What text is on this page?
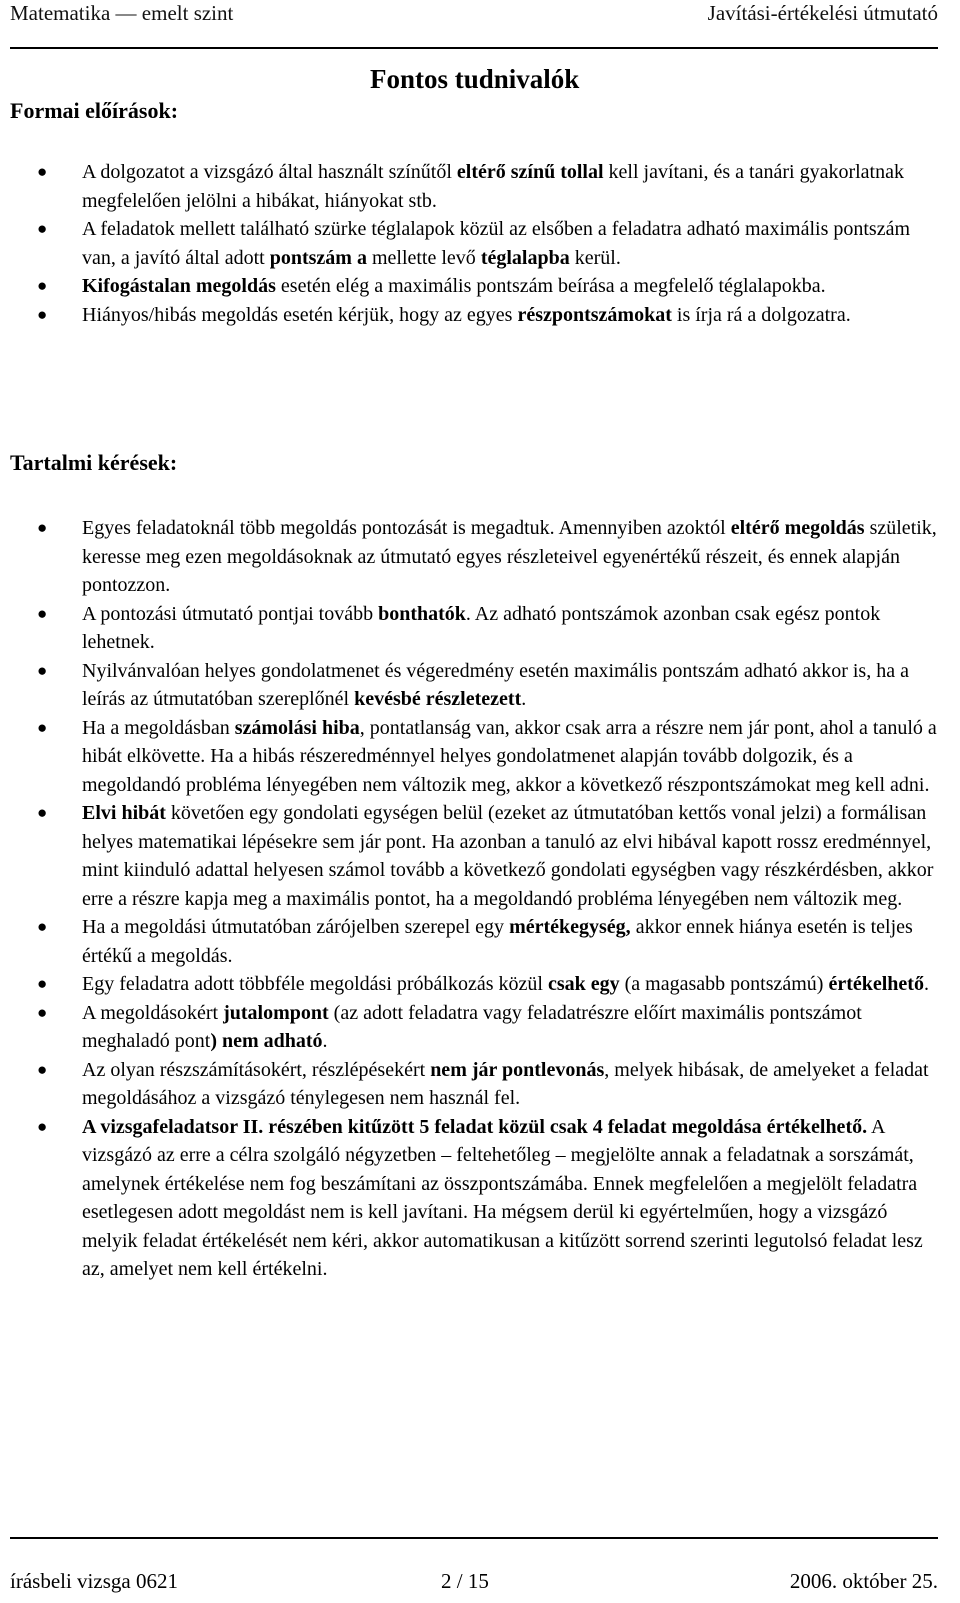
Matematika — emelt szint	Javítási-értékelési útmutató
Fontos tudnivalók
Formai előírások:
● A dolgozatot a vizsgázó által használt színűtől eltérő színű tollal kell javítani, és a tanári gyakorlatnak megfelelően jelölni a hibákat, hiányokat stb.
● A feladatok mellett található szürke téglalapok közül az elsőben a feladatra adható maximális pontszám van, a javító által adott pontszám a mellette levő téglalapba kerül.
● Kifogástalan megoldás esetén elég a maximális pontszám beírása a megfelelő téglalapokba.
● Hiányos/hibás megoldás esetén kérjük, hogy az egyes részpontszámokat is írja rá a dolgozatra.
Tartalmi kérések:
● Egyes feladatoknál több megoldás pontozását is megadtuk. Amennyiben azoktól eltérő megoldás születik, keresse meg ezen megoldásoknak az útmutató egyes részleteivel egyenértékű részeit, és ennek alapján pontozzon.
● A pontozási útmutató pontjai tovább bonthatók. Az adható pontszámok azonban csak egész pontok lehetnek.
● Nyilvánvalóan helyes gondolatmenet és végeredmény esetén maximális pontszám adható akkor is, ha a leírás az útmutatóban szereplőnél kevésbé részletezett.
● Ha a megoldásban számolási hiba, pontatlanság van, akkor csak arra a részre nem jár pont, ahol a tanuló a hibát elkövette. Ha a hibás részeredménnyel helyes gondolatmenet alapján tovább dolgozik, és a megoldandó probléma lényegében nem változik meg, akkor a következő részpontszámokat meg kell adni.
● Elvi hibát követően egy gondolati egységen belül (ezeket az útmutatóban kettős vonal jelzi) a formálisan helyes matematikai lépésekre sem jár pont. Ha azonban a tanuló az elvi hibával kapott rossz eredménnyel, mint kiinduló adattal helyesen számol tovább a következő gondolati egységben vagy részkérdésben, akkor erre a részre kapja meg a maximális pontot, ha a megoldandó probléma lényegében nem változik meg.
● Ha a megoldási útmutatóban zárójelben szerepel egy mértékegység, akkor ennek hiánya esetén is teljes értékű a megoldás.
● Egy feladatra adott többféle megoldási próbálkozás közül csak egy (a magasabb pontszámú) értékelhető.
● A megoldásokért jutalompont (az adott feladatra vagy feladatrészre előírt maximális pontszámot meghaladó pont) nem adható.
● Az olyan részszámításokért, részlépésekért nem jár pontlevonás, melyek hibásak, de amelyeket a feladat megoldásához a vizsgázó ténylegesen nem használ fel.
● A vizsgafeladatsor II. részében kitűzött 5 feladat közül csak 4 feladat megoldása értékelhető. A vizsgázó az erre a célra szolgáló négyzetben – feltehetőleg – megjelölte annak a feladatnak a sorszámát, amelynek értékelése nem fog beszámítani az összpontszámába. Ennek megfelelően a megjelölt feladatra esetlegesen adott megoldást nem is kell javítani. Ha mégsem derül ki egyértelműen, hogy a vizsgázó melyik feladat értékelését nem kéri, akkor automatikusan a kitűzött sorrend szerinti legutolsó feladat lesz az, amelyet nem kell értékelni.
írásbeli vizsga 0621	2 / 15	2006. október 25.
